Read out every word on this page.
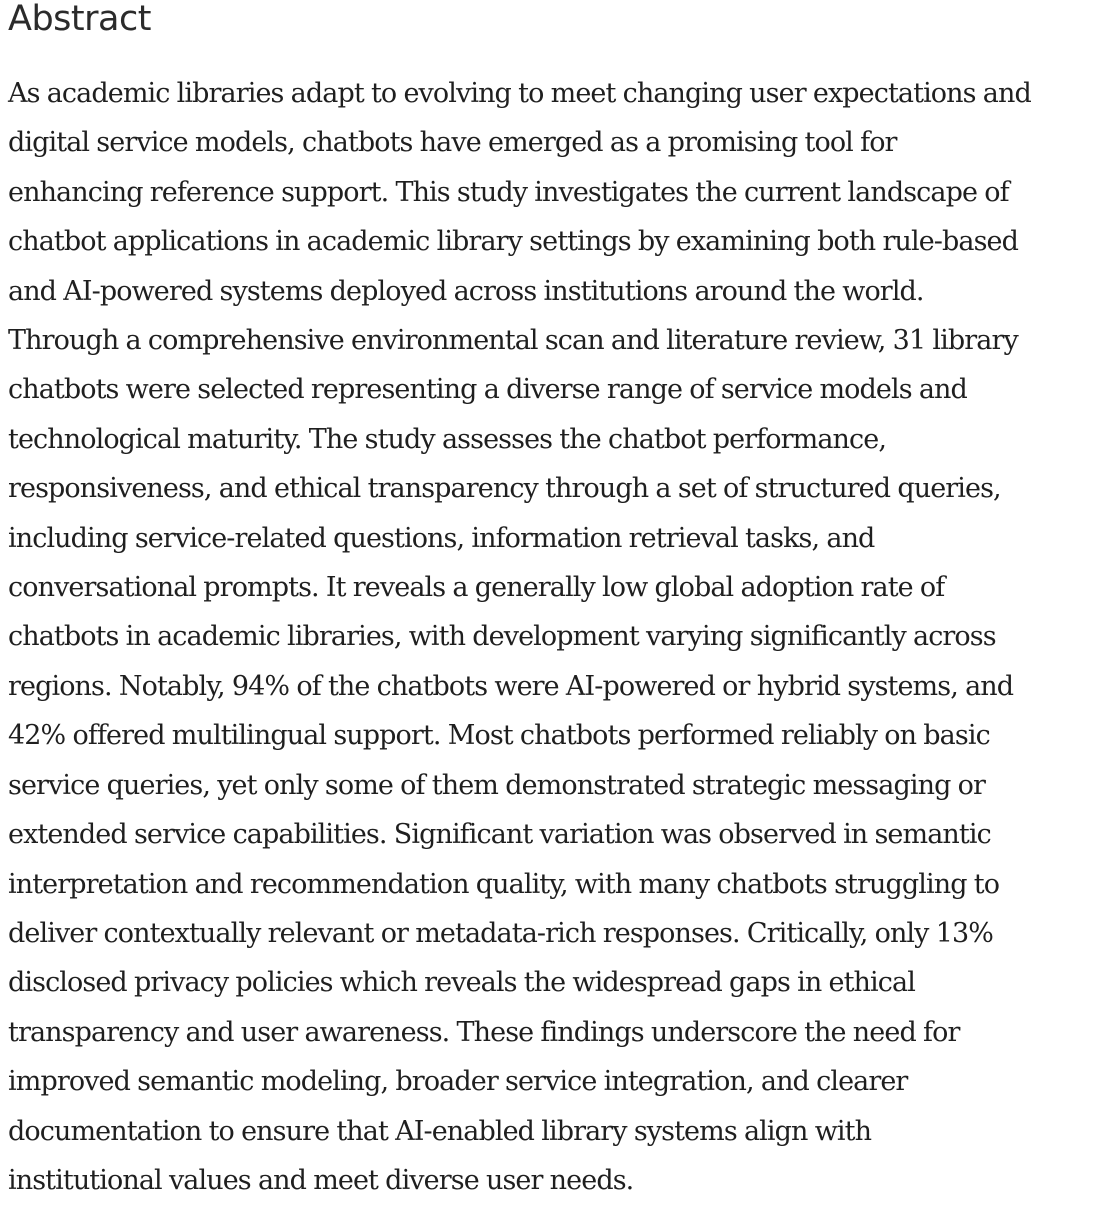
Abstract

As academic libraries adapt to evolving to meet changing user expectations and
digital service models, chatbots have emerged as a promising tool for
enhancing reference support. This study investigates the current landscape of
chatbot applications in academic library settings by examining both rule-based
and AI-powered systems deployed across institutions around the world.
Through a comprehensive environmental scan and literature review, 31 library
chatbots were selected representing a diverse range of service models and
technological maturity. The study assesses the chatbot performance,
responsiveness, and ethical transparency through a set of structured queries,
including service-related questions, information retrieval tasks, and
conversational prompts. It reveals a generally low global adoption rate of
chatbots in academic libraries, with development varying significantly across
regions. Notably, 94% of the chatbots were AI-powered or hybrid systems, and
42% offered multilingual support. Most chatbots performed reliably on basic
service queries, yet only some of them demonstrated strategic messaging or
extended service capabilities. Significant variation was observed in semantic
interpretation and recommendation quality, with many chatbots struggling to
deliver contextually relevant or metadata-rich responses. Critically, only 13%
disclosed privacy policies which reveals the widespread gaps in ethical
transparency and user awareness. These findings underscore the need for
improved semantic modeling, broader service integration, and clearer
documentation to ensure that AI-enabled library systems align with
institutional values and meet diverse user needs.
